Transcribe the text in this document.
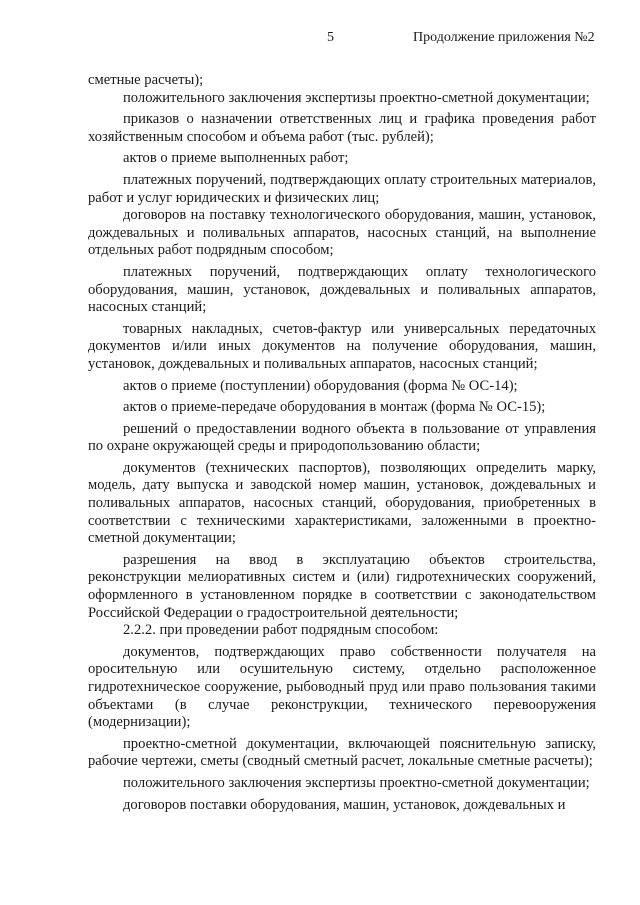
5	Продолжение приложения №2

сметные расчеты);

положительного заключения экспертизы проектно-сметной документации;

приказов о назначении ответственных лиц и графика проведения работ хозяйственным способом и объема работ (тыс. рублей);

актов о приеме выполненных работ;

платежных поручений, подтверждающих оплату строительных материалов, работ и услуг юридических и физических лиц;

договоров на поставку технологического оборудования, машин, установок, дождевальных и поливальных аппаратов, насосных станций, на выполнение отдельных работ подрядным способом;

платежных поручений, подтверждающих оплату технологического оборудования, машин, установок, дождевальных и поливальных аппаратов, насосных станций;

товарных накладных, счетов-фактур или универсальных передаточных документов и/или иных документов на получение оборудования, машин, установок, дождевальных и поливальных аппаратов, насосных станций;

актов о приеме (поступлении) оборудования (форма № ОС-14);

актов о приеме-передаче оборудования в монтаж (форма № ОС-15);

решений о предоставлении водного объекта в пользование от управления по охране окружающей среды и природопользованию области;

документов (технических паспортов), позволяющих определить марку, модель, дату выпуска и заводской номер машин, установок, дождевальных и поливальных аппаратов, насосных станций, оборудования, приобретенных в соответствии с техническими характеристиками, заложенными в проектно-сметной документации;

разрешения на ввод в эксплуатацию объектов строительства, реконструкции мелиоративных систем и (или) гидротехнических сооружений, оформленного в установленном порядке в соответствии с законодательством Российской Федерации о градостроительной деятельности;

2.2.2. при проведении работ подрядным способом:

документов, подтверждающих право собственности получателя на оросительную или осушительную систему, отдельно расположенное гидротехническое сооружение, рыбоводный пруд или право пользования такими объектами (в случае реконструкции, технического перевооружения (модернизации);

проектно-сметной документации, включающей пояснительную записку, рабочие чертежи, сметы (сводный сметный расчет, локальные сметные расчеты);

положительного заключения экспертизы проектно-сметной документации;

договоров поставки оборудования, машин, установок, дождевальных и
